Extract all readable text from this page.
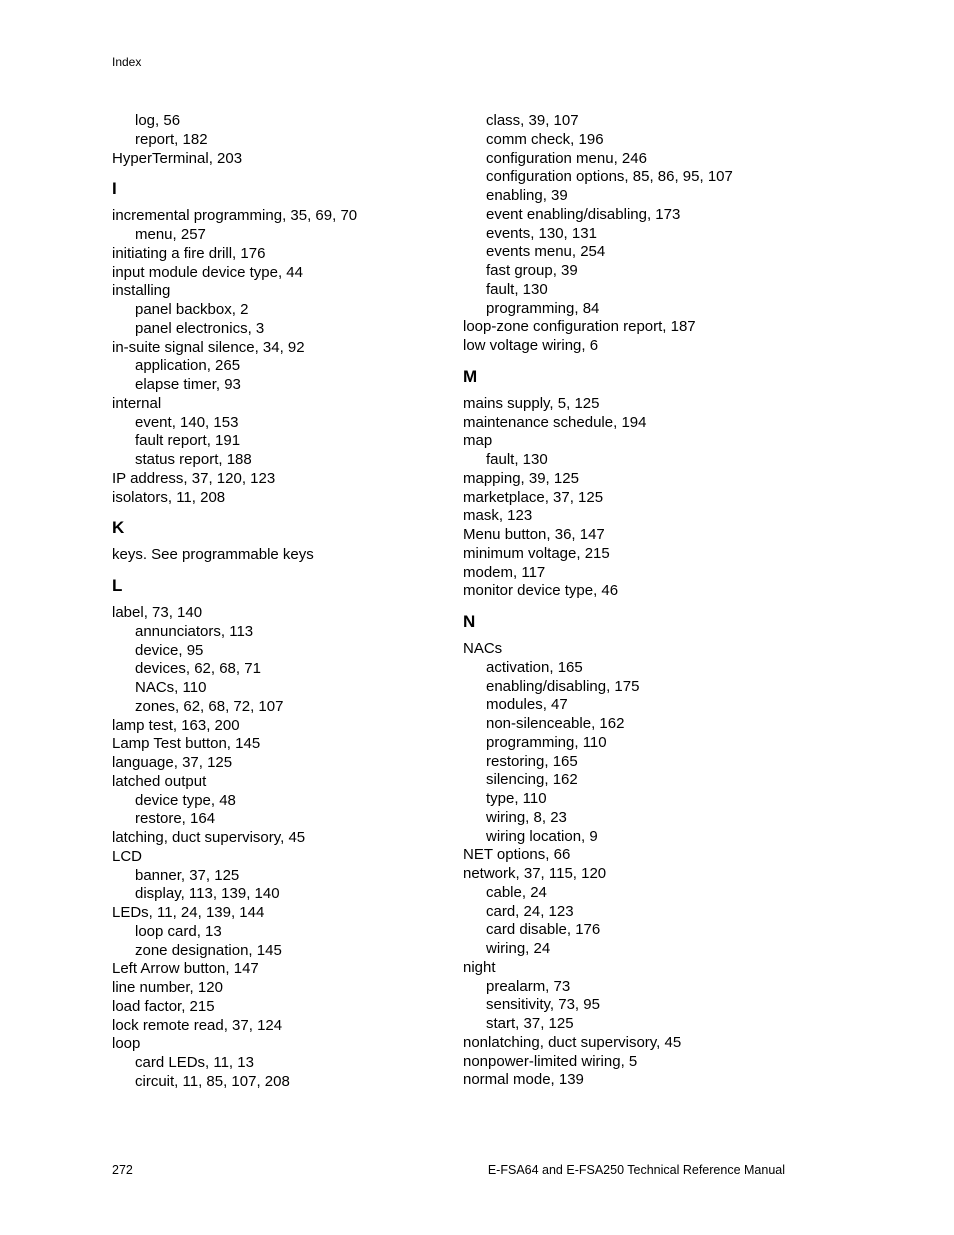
Index
log, 56
report, 182
HyperTerminal, 203
I
incremental programming, 35, 69, 70
menu, 257
initiating a fire drill, 176
input module device type, 44
installing
panel backbox, 2
panel electronics, 3
in-suite signal silence, 34, 92
application, 265
elapse timer, 93
internal
event, 140, 153
fault report, 191
status report, 188
IP address, 37, 120, 123
isolators, 11, 208
K
keys. See programmable keys
L
label, 73, 140
annunciators, 113
device, 95
devices, 62, 68, 71
NACs, 110
zones, 62, 68, 72, 107
lamp test, 163, 200
Lamp Test button, 145
language, 37, 125
latched output
device type, 48
restore, 164
latching, duct supervisory, 45
LCD
banner, 37, 125
display, 113, 139, 140
LEDs, 11, 24, 139, 144
loop card, 13
zone designation, 145
Left Arrow button, 147
line number, 120
load factor, 215
lock remote read, 37, 124
loop
card LEDs, 11, 13
circuit, 11, 85, 107, 208
class, 39, 107
comm check, 196
configuration menu, 246
configuration options, 85, 86, 95, 107
enabling, 39
event enabling/disabling, 173
events, 130, 131
events menu, 254
fast group, 39
fault, 130
programming, 84
loop-zone configuration report, 187
low voltage wiring, 6
M
mains supply, 5, 125
maintenance schedule, 194
map
fault, 130
mapping, 39, 125
marketplace, 37, 125
mask, 123
Menu button, 36, 147
minimum voltage, 215
modem, 117
monitor device type, 46
N
NACs
activation, 165
enabling/disabling, 175
modules, 47
non-silenceable, 162
programming, 110
restoring, 165
silencing, 162
type, 110
wiring, 8, 23
wiring location, 9
NET options, 66
network, 37, 115, 120
cable, 24
card, 24, 123
card disable, 176
wiring, 24
night
prealarm, 73
sensitivity, 73, 95
start, 37, 125
nonlatching, duct supervisory, 45
nonpower-limited wiring, 5
normal mode, 139
272	E-FSA64 and E-FSA250 Technical Reference Manual
